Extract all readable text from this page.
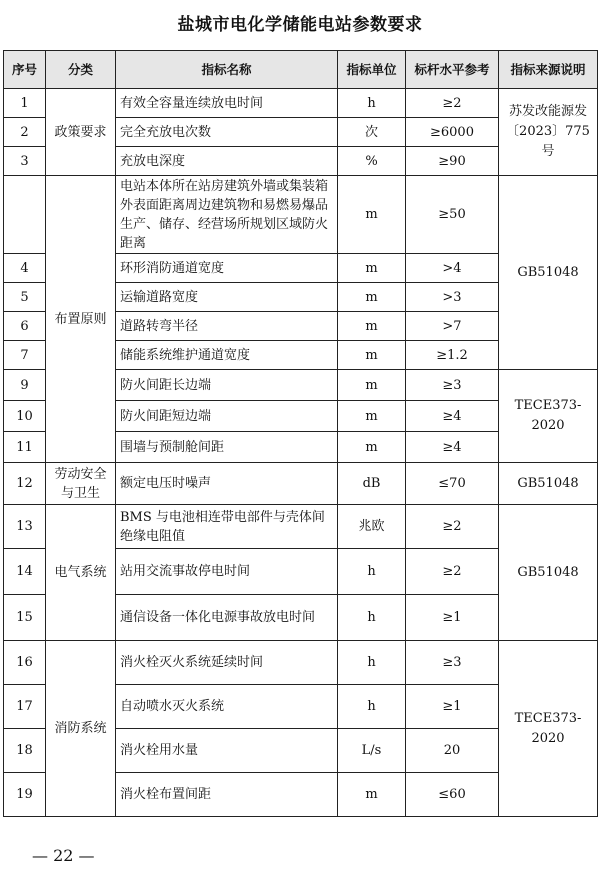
盐城市电化学储能电站参数要求
序号	分类	指标名称	指标单位	标杆水平参考	指标来源说明
1	政策要求	有效全容量连续放电时间	h	≥2	苏发改能源发〔2023〕775 号
2		完全充放电次数	次	≥6000	
3		充放电深度	%	≥90	
	布置原则	电站本体所在站房建筑外墙或集装箱外表面距离周边建筑物和易燃易爆品生产、储存、经营场所规划区域防火距离	m	≥50	GB51048
4		环形消防通道宽度	m	>4	
5		运输道路宽度	m	>3	
6		道路转弯半径	m	>7	
7		储能系统维护通道宽度	m	≥1.2	
9		防火间距长边端	m	≥3	TECE373-2020
10		防火间距短边端	m	≥4	
11		围墙与预制舱间距	m	≥4	
12	劳动安全与卫生	额定电压时噪声	dB	≤70	GB51048
13	电气系统	BMS 与电池相连带电部件与壳体间绝缘电阻值	兆欧	≥2	GB51048
14		站用交流事故停电时间	h	≥2	
15		通信设备一体化电源事故放电时间	h	≥1	
16	消防系统	消火栓灭火系统延续时间	h	≥3	TECE373-2020
17		自动喷水灭火系统	h	≥1	
18		消火栓用水量	L/s	20	
19		消火栓布置间距	m	≤60	
— 22 —
